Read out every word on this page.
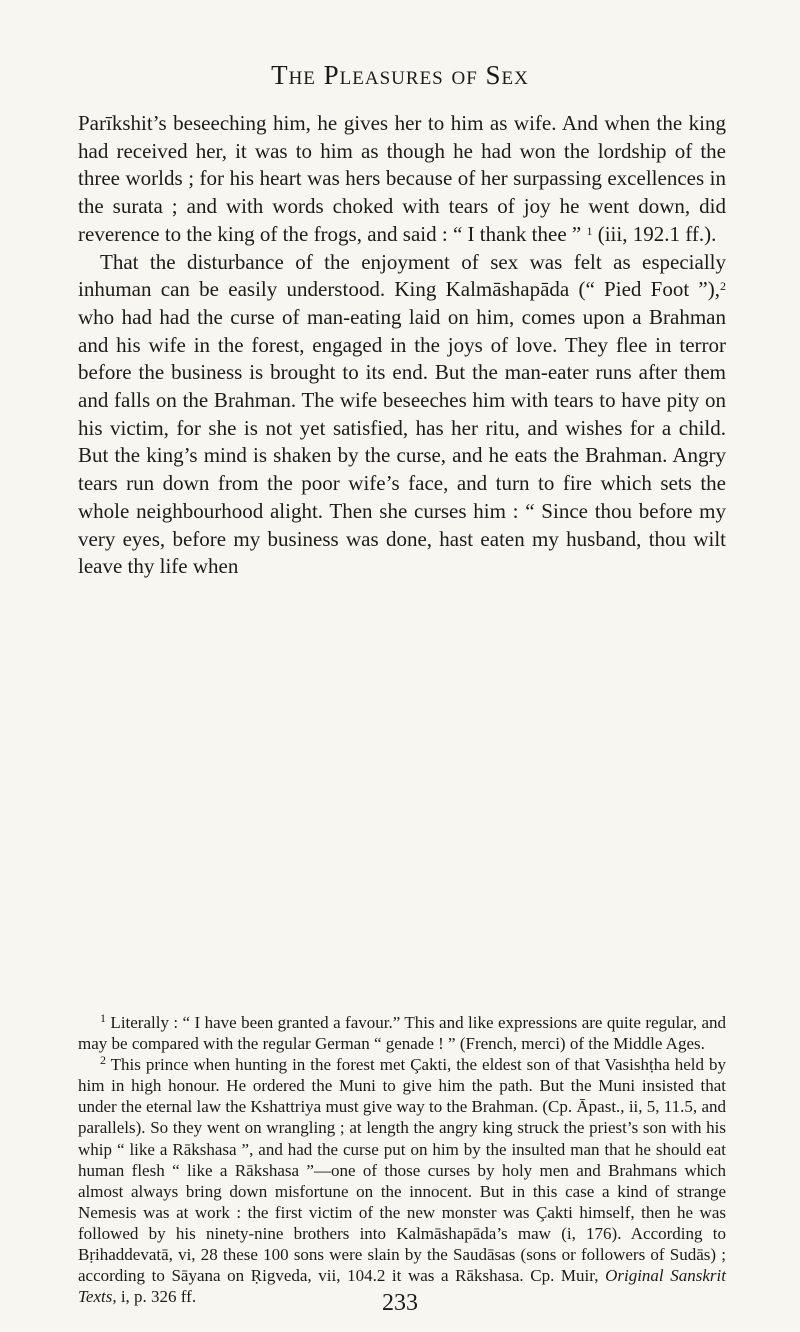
The Pleasures of Sex

Parīkshit’s beseeching him, he gives her to him as wife. And when the king had received her, it was to him as though he had won the lordship of the three worlds ; for his heart was hers because of her surpassing excellences in the surata ; and with words choked with tears of joy he went down, did reverence to the king of the frogs, and said : “ I thank thee ” $^1$ (iii, 192.1 ff.).

That the disturbance of the enjoyment of sex was felt as especially inhuman can be easily understood. King Kalmāshapāda (“ Pied Foot ”),$^2$ who had had the curse of man-eating laid on him, comes upon a Brahman and his wife in the forest, engaged in the joys of love. They flee in terror before the business is brought to its end. But the man-eater runs after them and falls on the Brahman. The wife beseeches him with tears to have pity on his victim, for she is not yet satisfied, has her ritu, and wishes for a child. But the king’s mind is shaken by the curse, and he eats the Brahman. Angry tears run down from the poor wife’s face, and turn to fire which sets the whole neighbourhood alight. Then she curses him : “ Since thou before my very eyes, before my business was done, hast eaten my husband, thou wilt leave thy life when

$^1$ Literally : “ I have been granted a favour.” This and like expressions are quite regular, and may be compared with the regular German “ genade ! ” (French, merci) of the Middle Ages.

$^2$ This prince when hunting in the forest met Çakti, the eldest son of that Vasishṭha held by him in high honour. He ordered the Muni to give him the path. But the Muni insisted that under the eternal law the Kshattriya must give way to the Brahman. (Cp. Āpast., ii, 5, 11.5, and parallels). So they went on wrangling ; at length the angry king struck the priest’s son with his whip “ like a Rākshasa ”, and had the curse put on him by the insulted man that he should eat human flesh “ like a Rākshasa ”—one of those curses by holy men and Brahmans which almost always bring down misfortune on the innocent. But in this case a kind of strange Nemesis was at work : the first victim of the new monster was Çakti himself, then he was followed by his ninety-nine brothers into Kalmāshapāda’s maw (i, 176). According to Bṛihaddevatā, vi, 28 these 100 sons were slain by the Saudāsas (sons or followers of Sudās) ; according to Sāyana on Ṛigveda, vii, 104.2 it was a Rākshasa. Cp. Muir, Original Sanskrit Texts, i, p. 326 ff.	233
